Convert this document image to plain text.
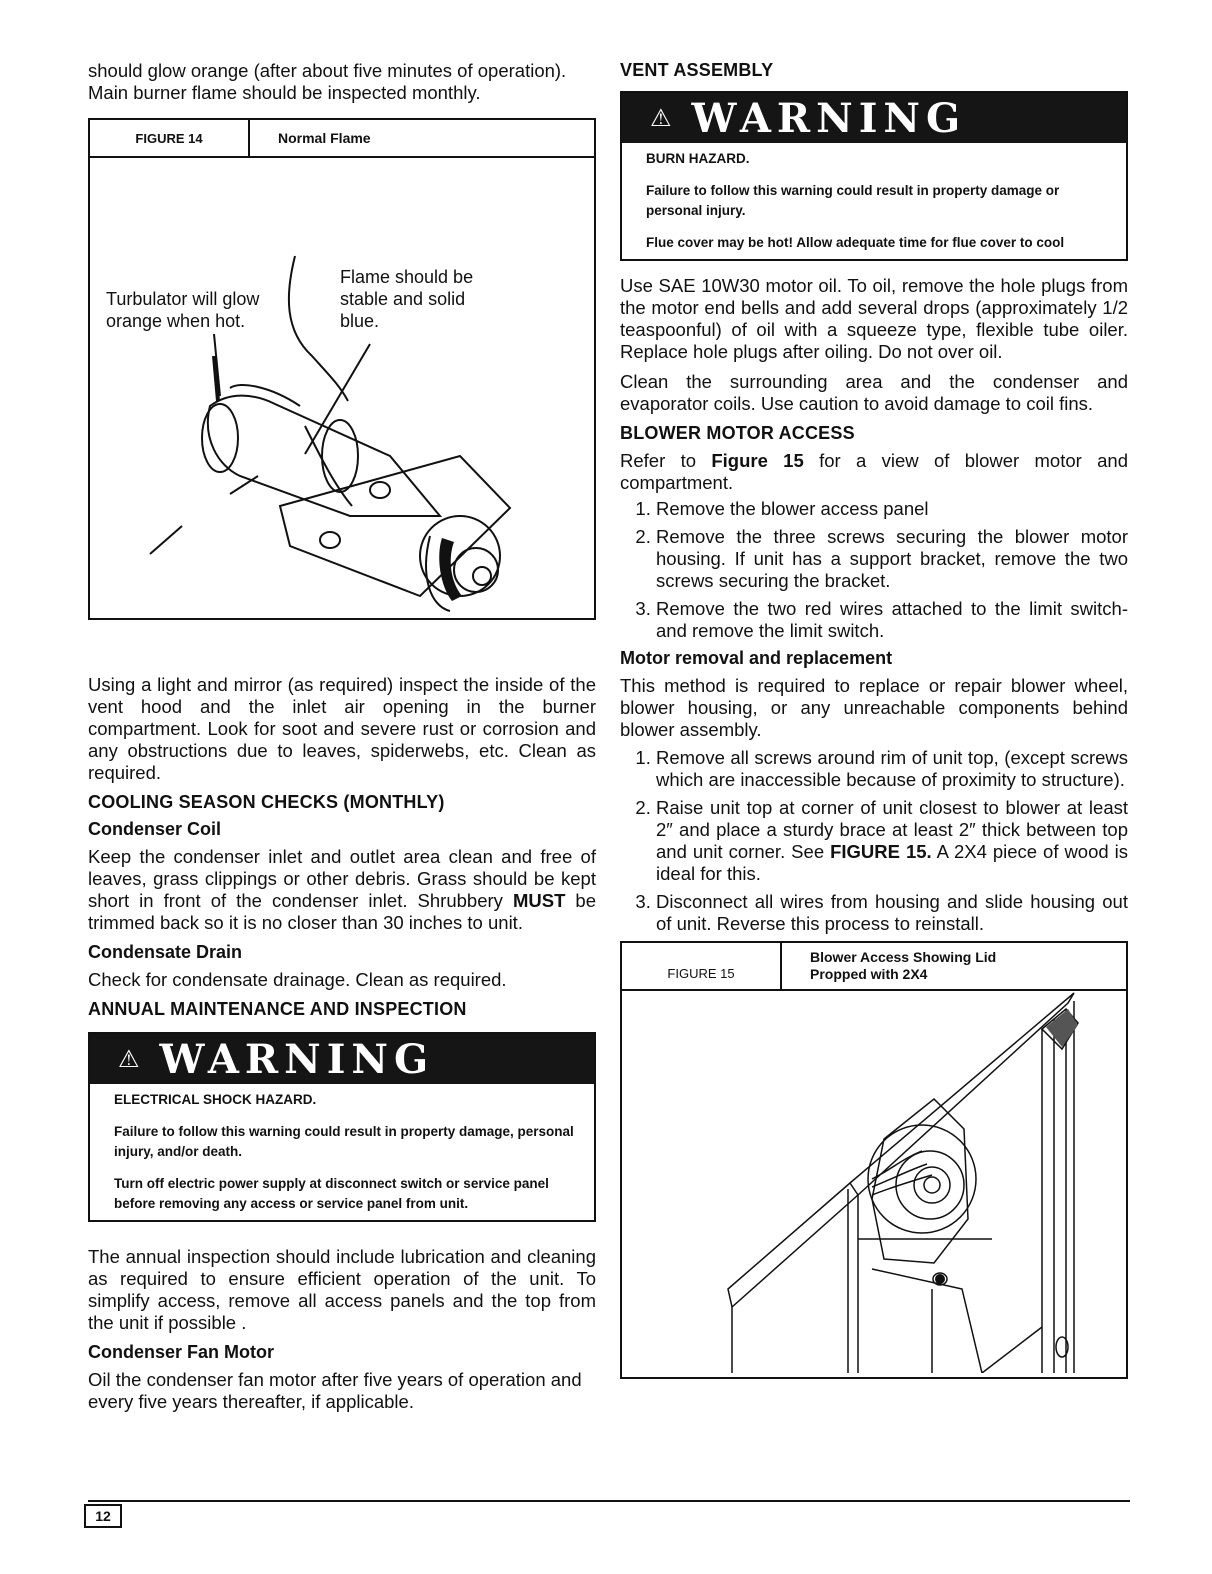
should glow orange (after about five minutes of operation). Main burner flame should be inspected monthly.

FIGURE 14	Normal Flame
Turbulator will glow orange when hot.
Flame should be stable and solid blue.

Using a light and mirror (as required) inspect the inside of the vent hood and the inlet air opening in the burner compartment. Look for soot and severe rust or corrosion and any obstructions due to leaves, spiderwebs, etc. Clean as required.

COOLING SEASON CHECKS (MONTHLY)
Condenser Coil

Keep the condenser inlet and outlet area clean and free of leaves, grass clippings or other debris. Grass should be kept short in front of the condenser inlet. Shrubbery MUST be trimmed back so it is no closer than 30 inches to unit.

Condensate Drain

Check for condensate drainage. Clean as required.

ANNUAL MAINTENANCE AND INSPECTION
⚠ WARNING
ELECTRICAL SHOCK HAZARD.
Failure to follow this warning could result in property damage, personal injury, and/or death.
Turn off electric power supply at disconnect switch or service panel before removing any access or service panel from unit.

The annual inspection should include lubrication and cleaning as required to ensure efficient operation of the unit. To simplify access, remove all access panels and the top from the unit if possible .

Condenser Fan Motor

Oil the condenser fan motor after five years of operation and every five years thereafter, if applicable.

VENT ASSEMBLY
⚠ WARNING
BURN HAZARD.
Failure to follow this warning could result in property damage or personal injury.
Flue cover may be hot! Allow adequate time for flue cover to cool

Use SAE 10W30 motor oil. To oil, remove the hole plugs from the motor end bells and add several drops (approximately 1/2 teaspoonful) of oil with a squeeze type, flexible tube oiler. Replace hole plugs after oiling. Do not over oil.

Clean the surrounding area and the condenser and evaporator coils. Use caution to avoid damage to coil fins.

BLOWER MOTOR ACCESS

Refer to Figure 15 for a view of blower motor and compartment.

1. Remove the blower access panel
2. Remove the three screws securing the blower motor housing. If unit has a support bracket, remove the two screws securing the bracket.
3. Remove the two red wires attached to the limit switch- and remove the limit switch.
Motor removal and replacement

This method is required to replace or repair blower wheel, blower housing, or any unreachable components behind blower assembly.

1. Remove all screws around rim of unit top, (except screws which are inaccessible because of proximity to structure).
2. Raise unit top at corner of unit closest to blower at least 2″ and place a sturdy brace at least 2″ thick between top and unit corner. See FIGURE 15. A 2X4 piece of wood is ideal for this.
3. Disconnect all wires from housing and slide housing out of unit. Reverse this process to reinstall.
FIGURE 15
Blower Access Showing Lid
Propped with 2X4
12
